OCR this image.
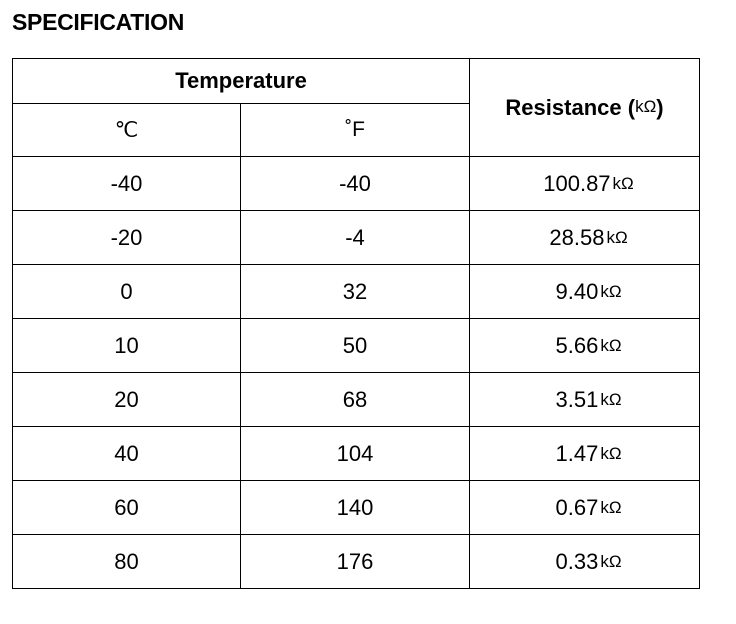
SPECIFICATION
Temperature		Resistance (kΩ)
℃	˚F	
-40	-40	100.87 kΩ
-20	-4	28.58 kΩ
0	32	9.40 kΩ
10	50	5.66 kΩ
20	68	3.51 kΩ
40	104	1.47 kΩ
60	140	0.67 kΩ
80	176	0.33 kΩ
